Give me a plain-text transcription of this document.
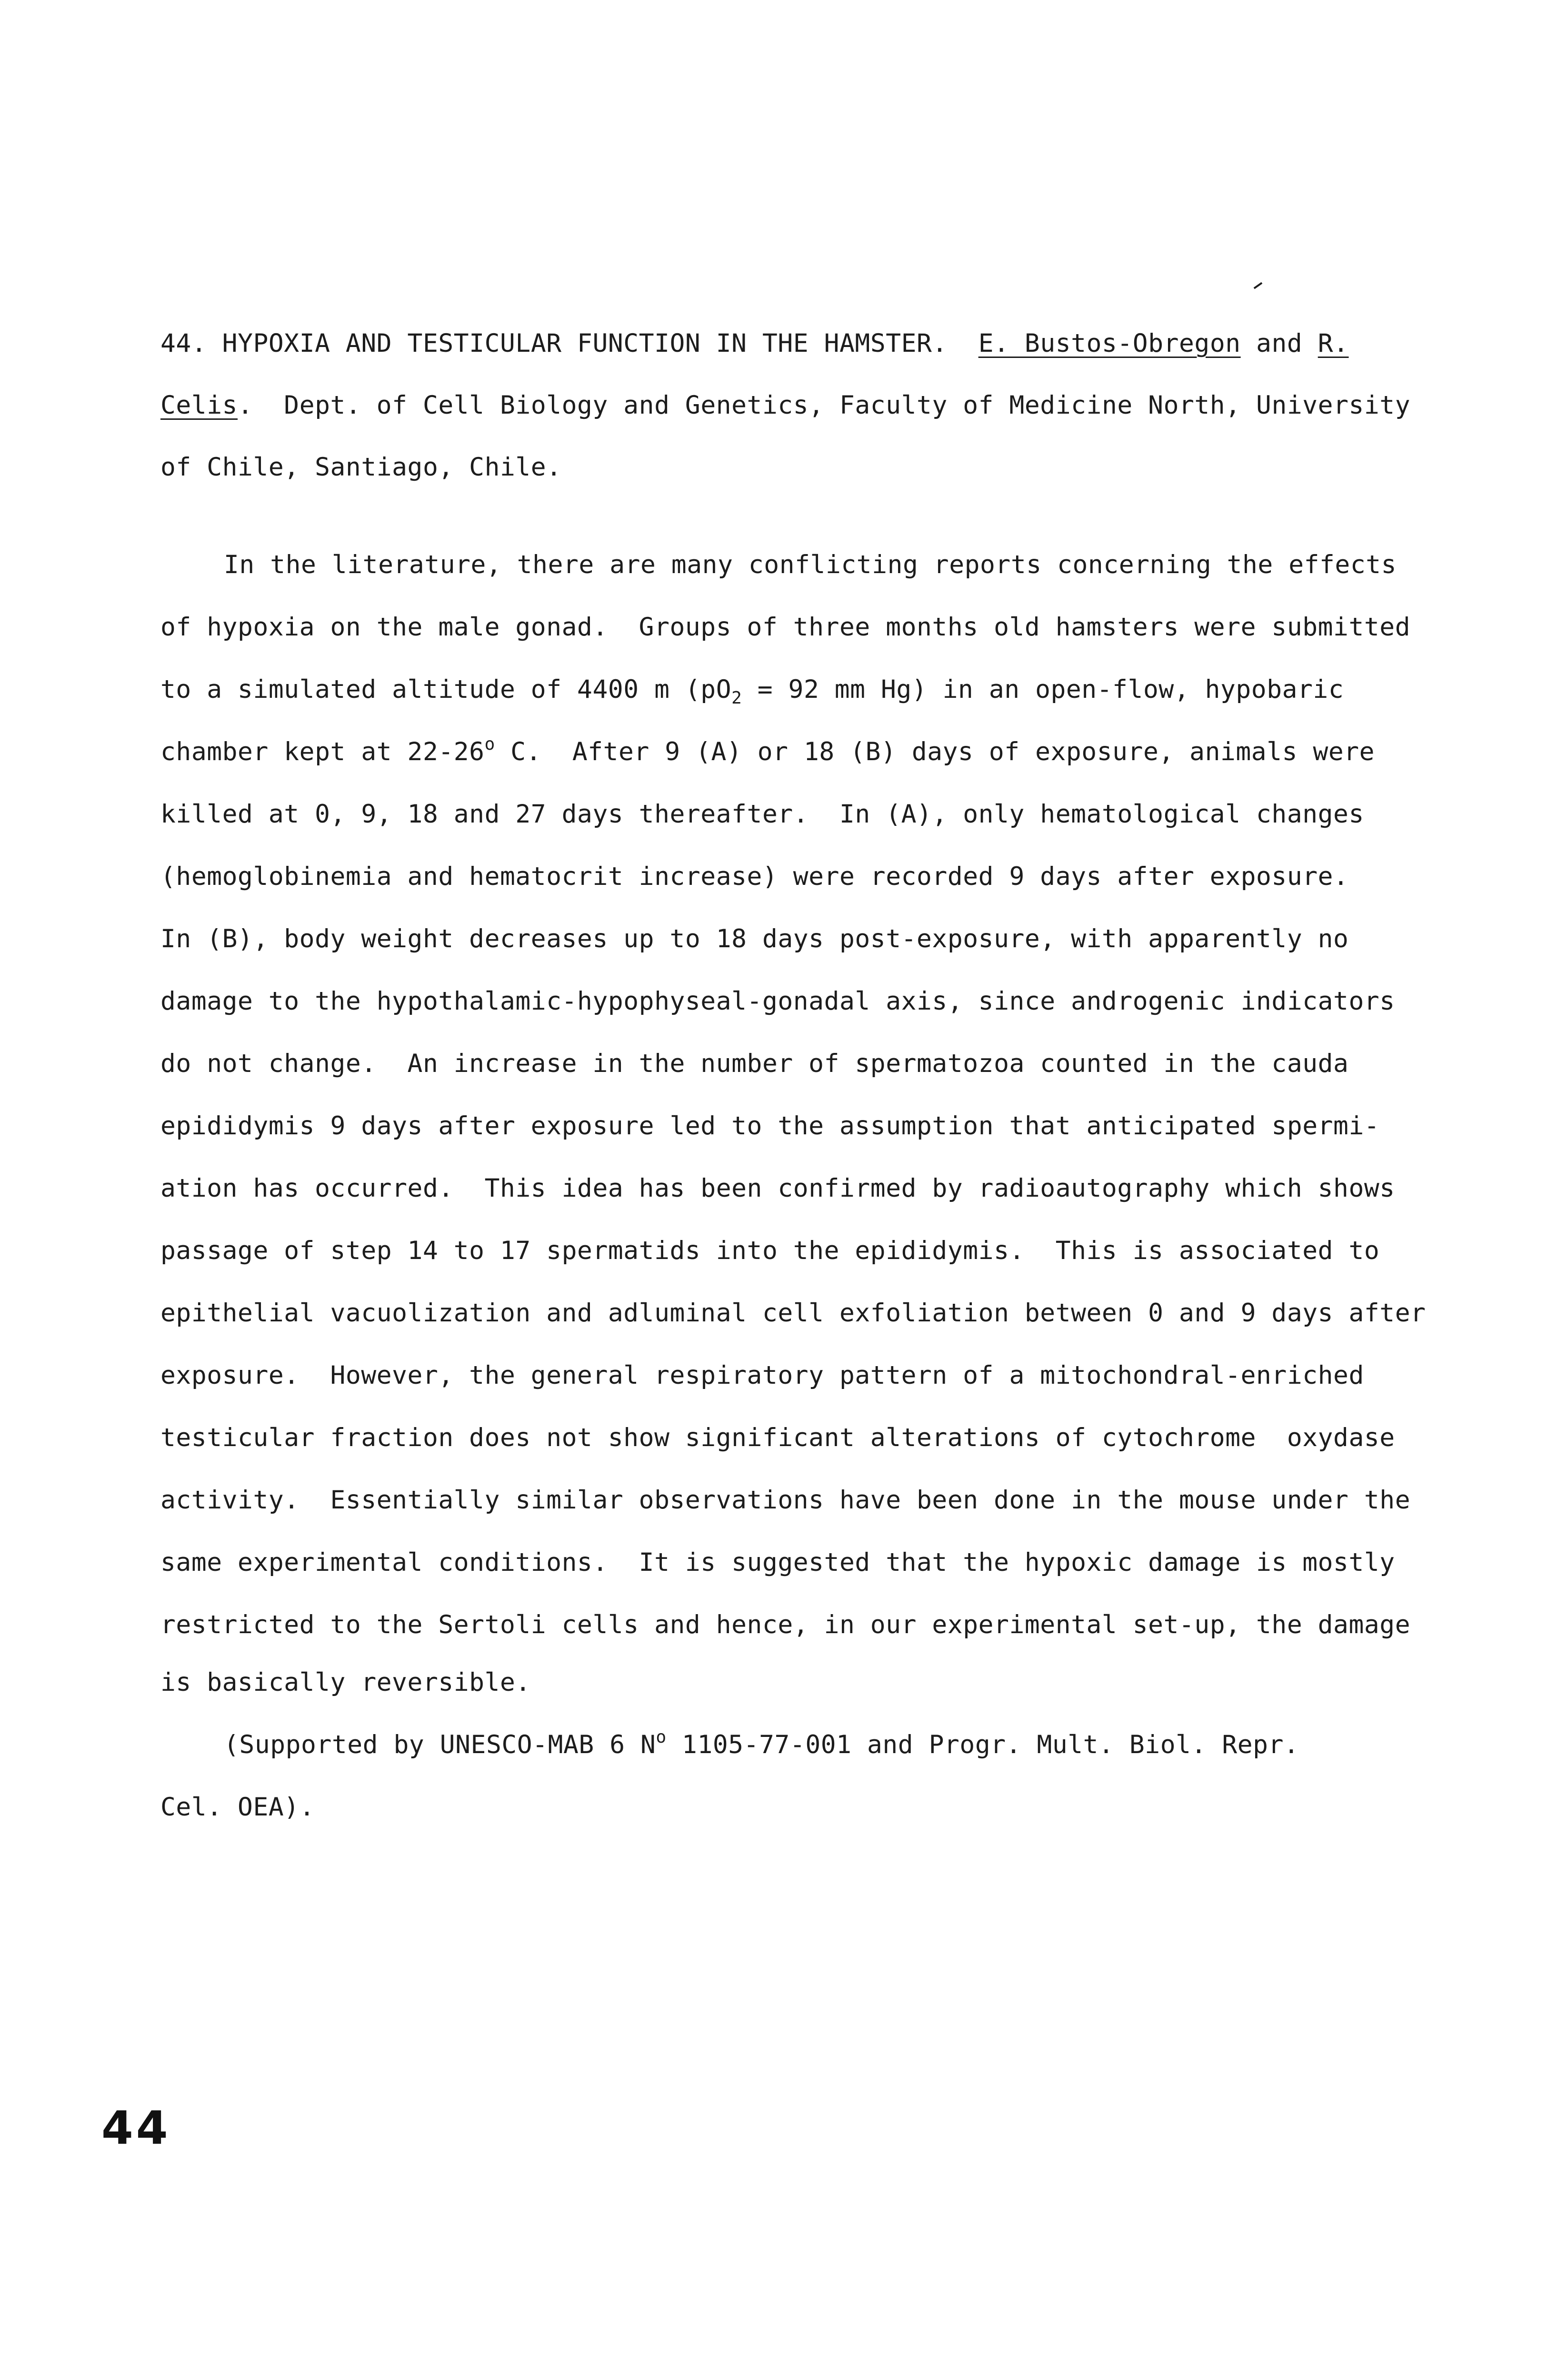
44. HYPOXIA AND TESTICULAR FUNCTION IN THE HAMSTER. E. Bustos-Obregon and R.
Celis.  Dept. of Cell Biology and Genetics, Faculty of Medicine North, University
of Chile, Santiago, Chile.
In the literature, there are many conflicting reports concerning the effects
of hypoxia on the male gonad.  Groups of three months old hamsters were submitted
to a simulated altitude of 4400 m ($pO_2 = 92$ mm Hg) in an open-flow, hypobaric
chamber kept at 22-26$^o$ C.  After 9 (A) or 18 (B) days of exposure, animals were
killed at 0, 9, 18 and 27 days thereafter.  In (A), only hematological changes
(hemoglobinemia and hematocrit increase) were recorded 9 days after exposure.
In (B), body weight decreases up to 18 days post-exposure, with apparently no
damage to the hypothalamic-hypophyseal-gonadal axis, since androgenic indicators
do not change.  An increase in the number of spermatozoa counted in the cauda
epididymis 9 days after exposure led to the assumption that anticipated spermi-
ation has occurred.  This idea has been confirmed by radioautography which shows
passage of step 14 to 17 spermatids into the epididymis.  This is associated to
epithelial vacuolization and adluminal cell exfoliation between 0 and 9 days after
exposure.  However, the general respiratory pattern of a mitochondral-enriched
testicular fraction does not show significant alterations of cytochrome  oxydase
activity.  Essentially similar observations have been done in the mouse under the
same experimental conditions.  It is suggested that the hypoxic damage is mostly
restricted to the Sertoli cells and hence, in our experimental set-up, the damage
is basically reversible.
(Supported by UNESCO-MAB 6 $N^o$ 1105-77-001 and Progr. Mult. Biol. Repr.
Cel. OEA).
44
